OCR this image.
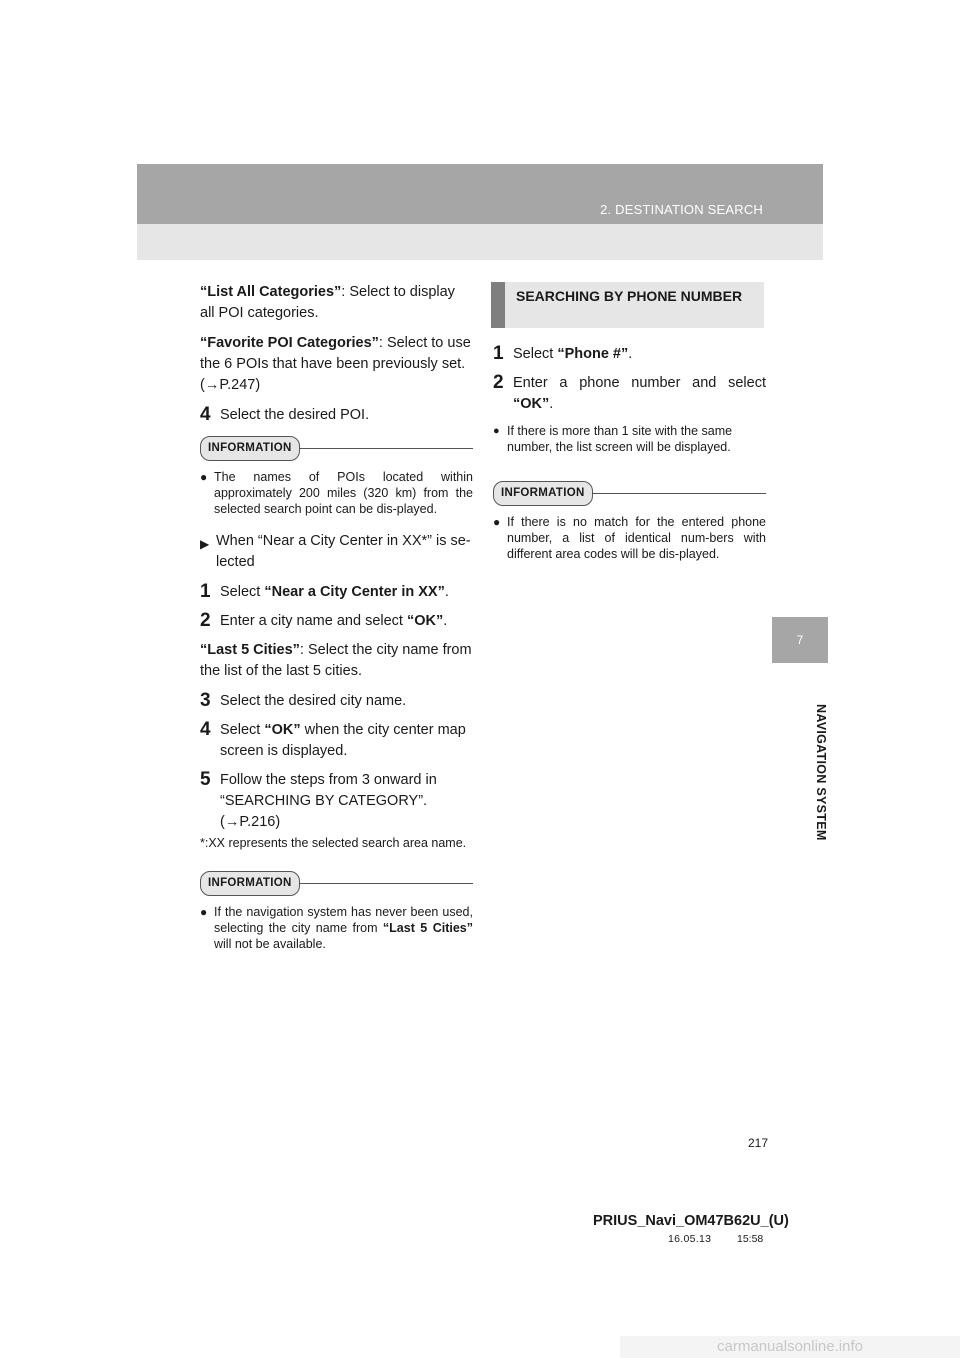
2. DESTINATION SEARCH
7
NAVIGATION SYSTEM

“List All Categories”: Select to display all POI categories.

“Favorite POI Categories”: Select to use the 6 POIs that have been previously set.
(→P.247)

4 Select the desired POI.
INFORMATION
● The names of POIs located within approximately 200 miles (320 km) from the selected search point can be dis-played.
▶ When “Near a City Center in XX*” is se-lected
1 Select “Near a City Center in XX”.
2 Enter a city name and select “OK”.

“Last 5 Cities”: Select the city name from the list of the last 5 cities.

3 Select the desired city name.
4 Select “OK” when the city center map screen is displayed.
5 Follow the steps from 3 onward in “SEARCHING BY CATEGORY”.
(→P.216)
*:XX represents the selected search area name.
INFORMATION
● If the navigation system has never been used, selecting the city name from “Last 5 Cities” will not be available.
SEARCHING BY PHONE NUMBER
1 Select “Phone #”.
2 Enter a phone number and select “OK”.
● If there is more than 1 site with the same number, the list screen will be displayed.
INFORMATION
● If there is no match for the entered phone number, a list of identical num-bers with different area codes will be dis-played.
217
PRIUS_Navi_OM47B62U_(U)
16.05.13 15:58
carmanualsonline.info
